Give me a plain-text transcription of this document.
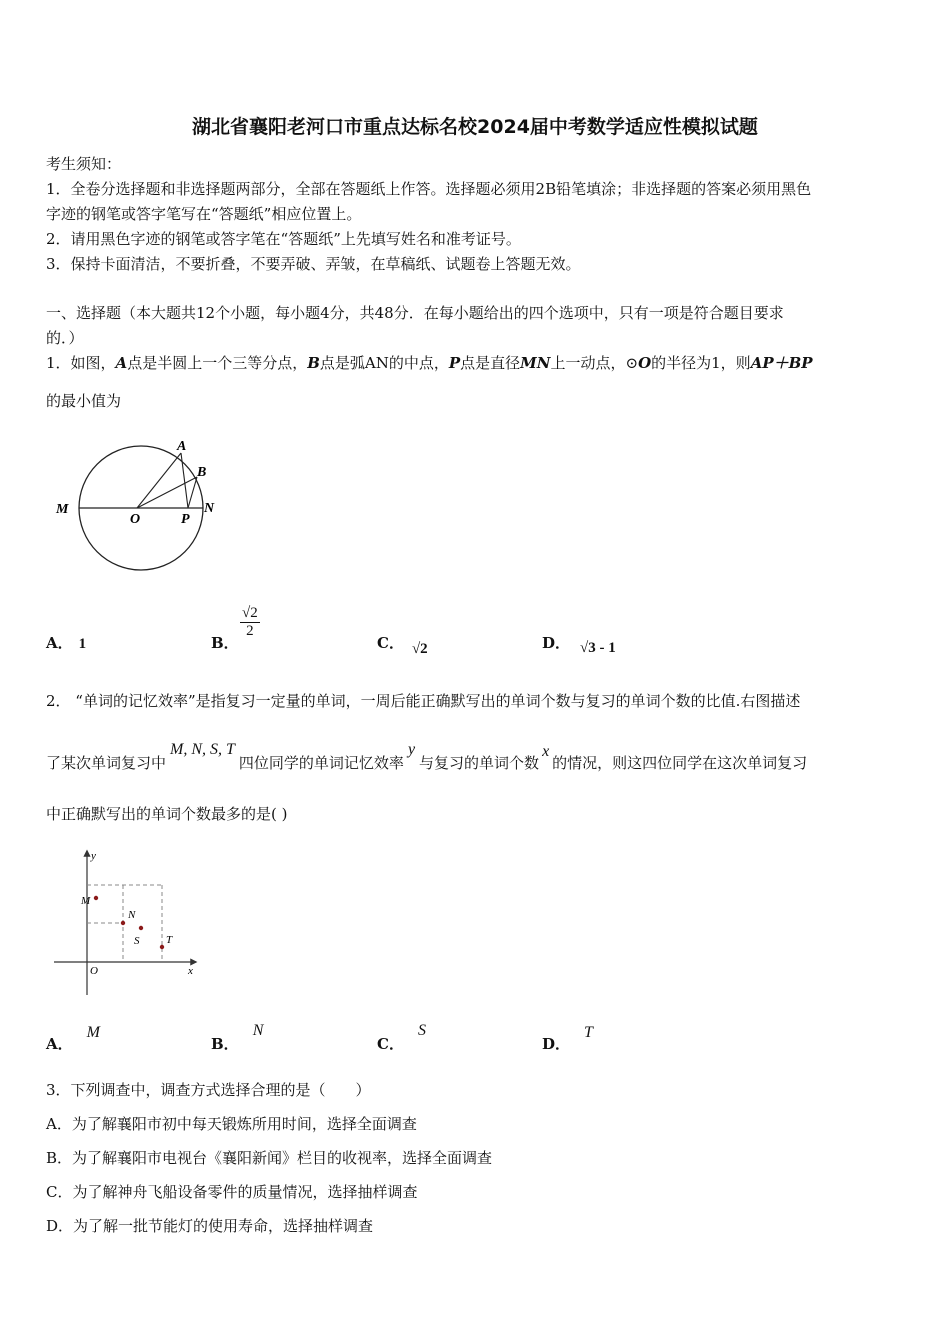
湖北省襄阳老河口市重点达标名校2024届中考数学适应性模拟试题
考生须知：
1．全卷分选择题和非选择题两部分，全部在答题纸上作答。选择题必须用2B铅笔填涂；非选择题的答案必须用黑色
字迹的钢笔或答字笔写在“答题纸”相应位置上。
2．请用黑色字迹的钢笔或答字笔在“答题纸”上先填写姓名和准考证号。
3．保持卡面清洁，不要折叠，不要弄破、弄皱，在草稿纸、试题卷上答题无效。
一、选择题（本大题共12个小题，每小题4分，共48分．在每小题给出的四个选项中，只有一项是符合题目要求
的．）
1．如图，A点是半圆上一个三等分点，B点是弧AN的中点，P点是直径MN上一动点，⊙O的半径为1，则AP＋BP
的最小值为
A
B
M
O	P
N
A． 1	B．
$\frac{√2}{2}$
C． √2	D． √3 - 1
2． “单词的记忆效率”是指复习一定量的单词，一周后能正确默写出的单词个数与复习的单词个数的比值.右图描述
了某次单词复习中M, N, S, T四位同学的单词记忆效率y与复习的单词个数x的情况，则这四位同学在这次单词复习
中正确默写出的单词个数最多的是( )
y
M
N
S T
O	x
A．M
B．N
C．S
D．T
3．下列调查中，调查方式选择合理的是（　　）
A．为了解襄阳市初中每天锻炼所用时间，选择全面调查
B．为了解襄阳市电视台《襄阳新闻》栏目的收视率，选择全面调查
C．为了解神舟飞船设备零件的质量情况，选择抽样调查
D．为了解一批节能灯的使用寿命，选择抽样调查
